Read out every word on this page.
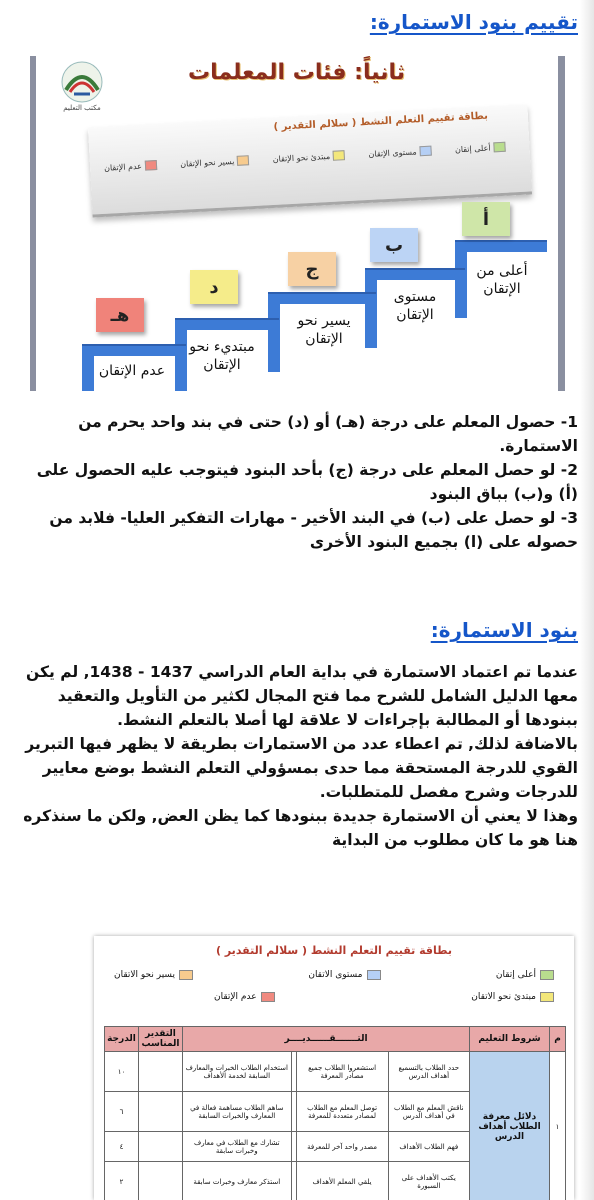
تقييم بنود الاستمارة:
مكتب التعليم
ثانياً: فئات المعلمات
بطاقة تقييم التعلم النشط ( سلالم التقدير )
أعلى إتقان
مستوى الإتقان
مبتدئ نحو الإتقان
يسير نحو الإتقان
عدم الإتقان
أ
أعلى من الإتقان
ب
مستوى الإتقان
ج
يسير نحو الإتقان
د
مبتديء نحو الإتقان
هـ
عدم الإتقان

1- حصول المعلم على درجة (هـ) أو (د) حتى في بند واحد يحرم من الاستمارة.

2- لو حصل المعلم على درجة (ج) بأحد البنود فيتوجب عليه الحصول على (أ) و(ب) بباق البنود

3- لو حصل على (ب) في البند الأخير - مهارات التفكير العليا- فلابد من حصوله على (ا) بجميع البنود الأخرى

بنود الاستمارة:

عندما تم اعتماد الاستمارة في بداية العام الدراسي 1437 - 1438, لم يكن معها الدليل الشامل للشرح مما فتح المجال لكثير من التأويل والتعقيد ببنودها أو المطالبة بإجراءات لا علاقة لها أصلا بالتعلم النشط.

بالاضافة لذلك, تم اعطاء عدد من الاستمارات بطريقة لا يظهر فيها التبرير القوي للدرجة المستحقة مما حدى بمسؤولي التعلم النشط بوضع معايير للدرجات وشرح مفصل للمتطلبات.

وهذا لا يعني أن الاستمارة جديدة ببنودها كما يظن العض, ولكن ما سنذكره هنا هو ما كان مطلوب من البداية

بطاقة تقييم التعلم النشط ( سلالم التقدير )
أعلى إتقان
مستوى الاتقان
يسير نحو الاتقان
مبتدئ نحو الاتقان
عدم الإتقان
م	شروط التعليم	التـــــــقــــــديــــر				التقدير المناسب	الدرجة
١	دلائل معرفة الطلاب أهداف الدرس	حدد الطلاب بالتسميع أهداف الدرس	استشعروا الطلاب جميع مصادر المعرفة		استخدام الطلاب الخبرات والمعارف السابقة لخدمة الأهداف		١٠
		ناقش المعلم مع الطلاب في أهداف الدرس	توصل المعلم مع الطلاب لمصادر متعددة للمعرفة		ساهم الطلاب مساهمة فعالة في المعارف والخبرات السابقة		٦
		فهم الطلاب الأهداف	مصدر واحد آخر للمعرفة		تشارك مع الطلاب في معارف وخبرات سابقة		٤
		يكتب الأهداف على السبورة	يلقي المعلم الأهداف		استذكر معارف وخبرات سابقة		٢
